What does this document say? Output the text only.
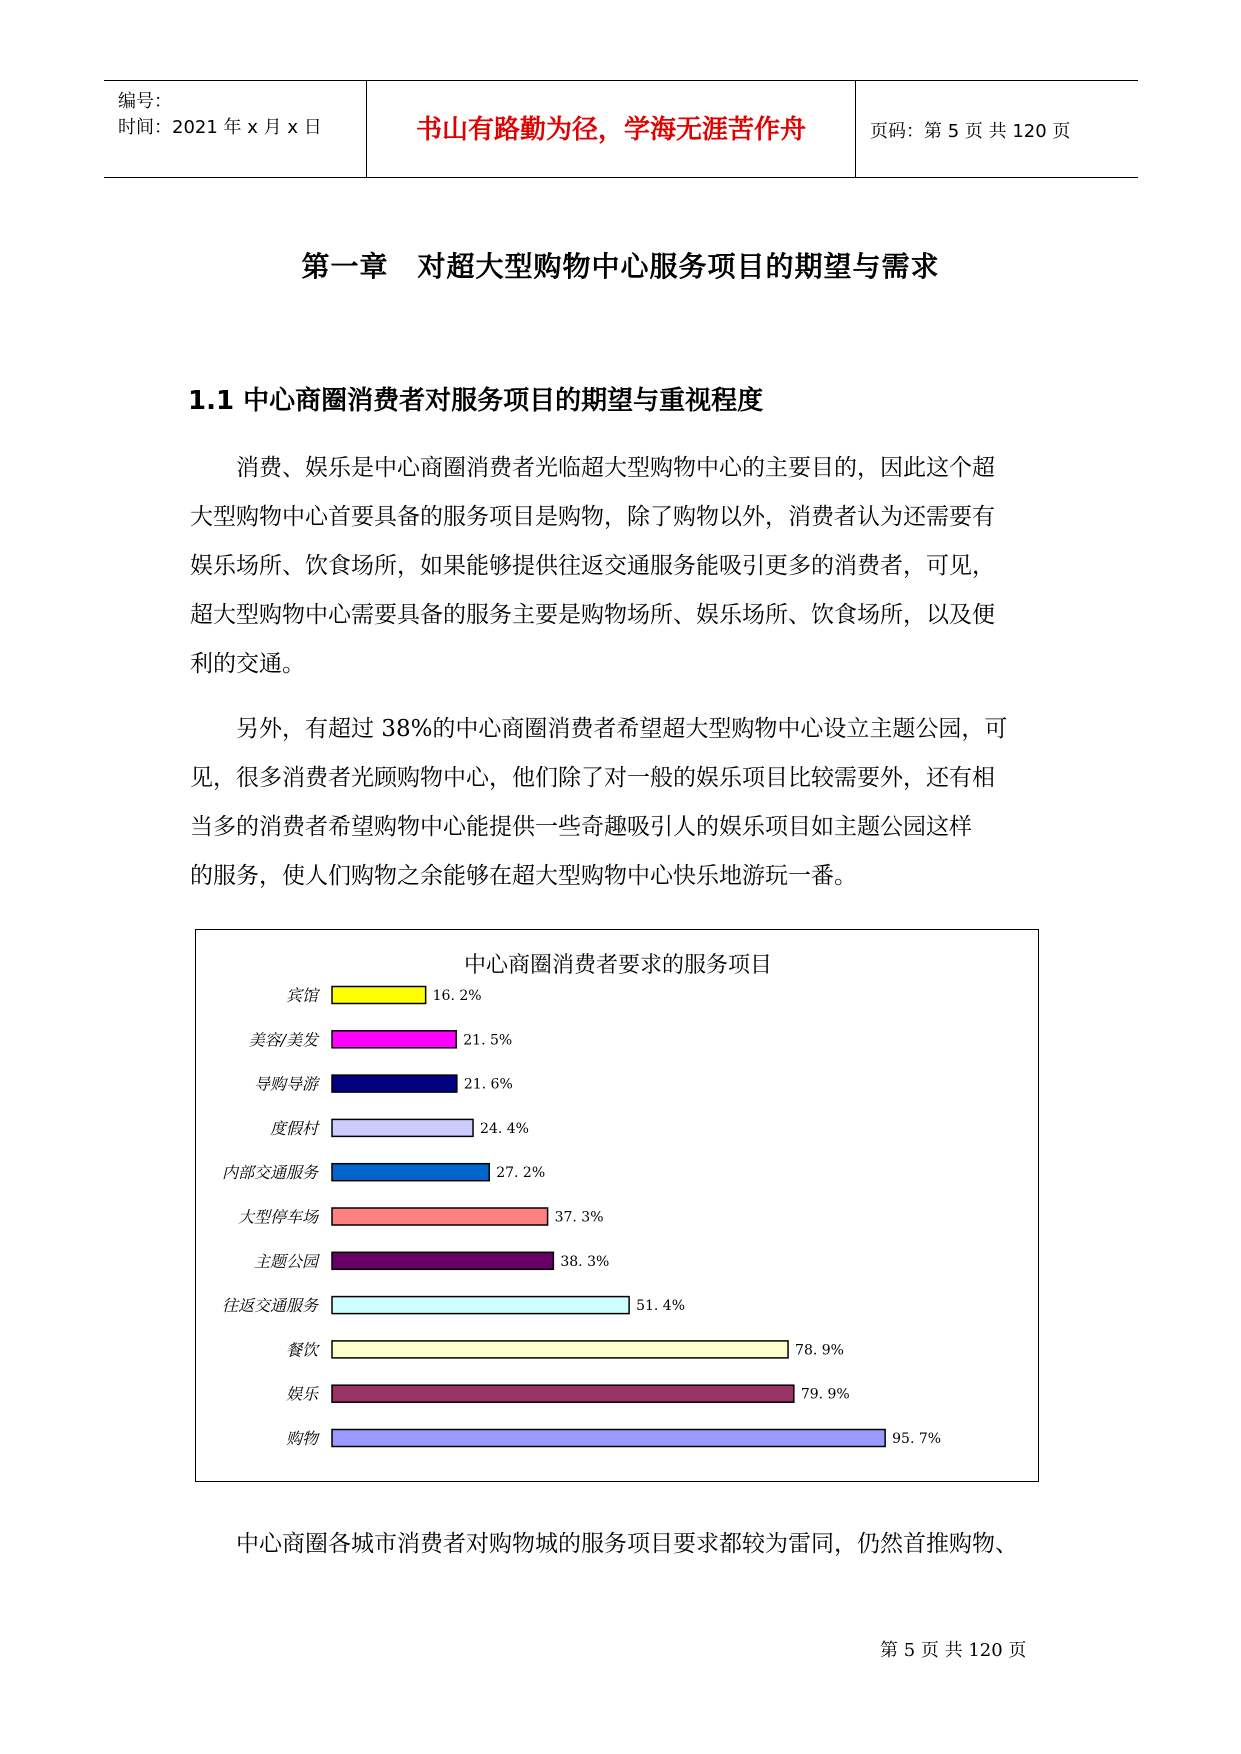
编号：
时间：2021 年 x 月 x 日	书山有路勤为径，学海无涯苦作舟	页码：第 5 页 共 120 页
第一章　对超大型购物中心服务项目的期望与需求
1.1 中心商圈消费者对服务项目的期望与重视程度

　　消费、娱乐是中心商圈消费者光临超大型购物中心的主要目的，因此这个超

大型购物中心首要具备的服务项目是购物，除了购物以外，消费者认为还需要有

娱乐场所、饮食场所，如果能够提供往返交通服务能吸引更多的消费者，可见，

超大型购物中心需要具备的服务主要是购物场所、娱乐场所、饮食场所，以及便

利的交通。

　　另外，有超过 38%的中心商圈消费者希望超大型购物中心设立主题公园，可

见，很多消费者光顾购物中心，他们除了对一般的娱乐项目比较需要外，还有相

当多的消费者希望购物中心能提供一些奇趣吸引人的娱乐项目如主题公园这样

的服务，使人们购物之余能够在超大型购物中心快乐地游玩一番。

中心商圈消费者要求的服务项目
宾馆	16. 2%
美容/美发	21. 5%
导购导游	21. 6%
度假村	24. 4%
内部交通服务	27. 2%
大型停车场	37. 3%
主题公园	38. 3%
往返交通服务	51. 4%
餐饮	78. 9%
娱乐	79. 9%
购物	95. 7%

　　中心商圈各城市消费者对购物城的服务项目要求都较为雷同，仍然首推购物、

第 5 页 共 120 页
